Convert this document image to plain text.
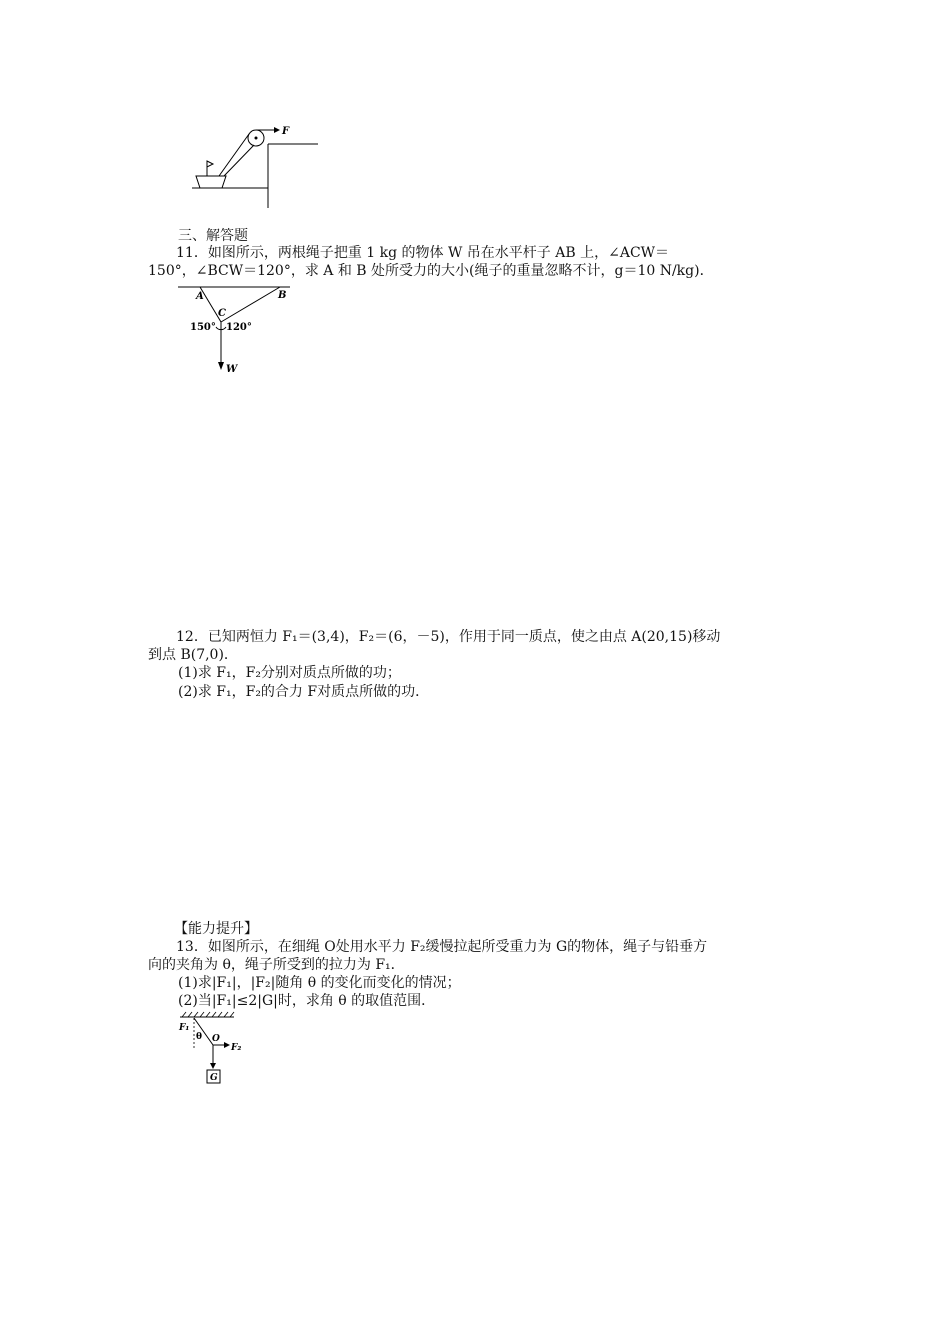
F
三、解答题
11．如图所示，两根绳子把重 1 kg 的物体 W 吊在水平杆子 AB 上，∠ACW＝
150°，∠BCW＝120°，求 A 和 B 处所受力的大小(绳子的重量忽略不计，g＝10 N/kg)．
A	B
C
150° 120°
W
12．已知两恒力 F₁＝(3,4)，F₂＝(6，－5)，作用于同一质点，使之由点 A(20,15)移动
到点 B(7,0)．
(1)求 F₁，F₂分别对质点所做的功；
(2)求 F₁，F₂的合力 F对质点所做的功．
【能力提升】
13．如图所示，在细绳 O处用水平力 F₂缓慢拉起所受重力为 G的物体，绳子与铅垂方
向的夹角为 θ，绳子所受到的拉力为 F₁．
(1)求|F₁|，|F₂|随角 θ 的变化而变化的情况；
(2)当|F₁|≤2|G|时，求角 θ 的取值范围．
F₁
θ O
F₂
G
